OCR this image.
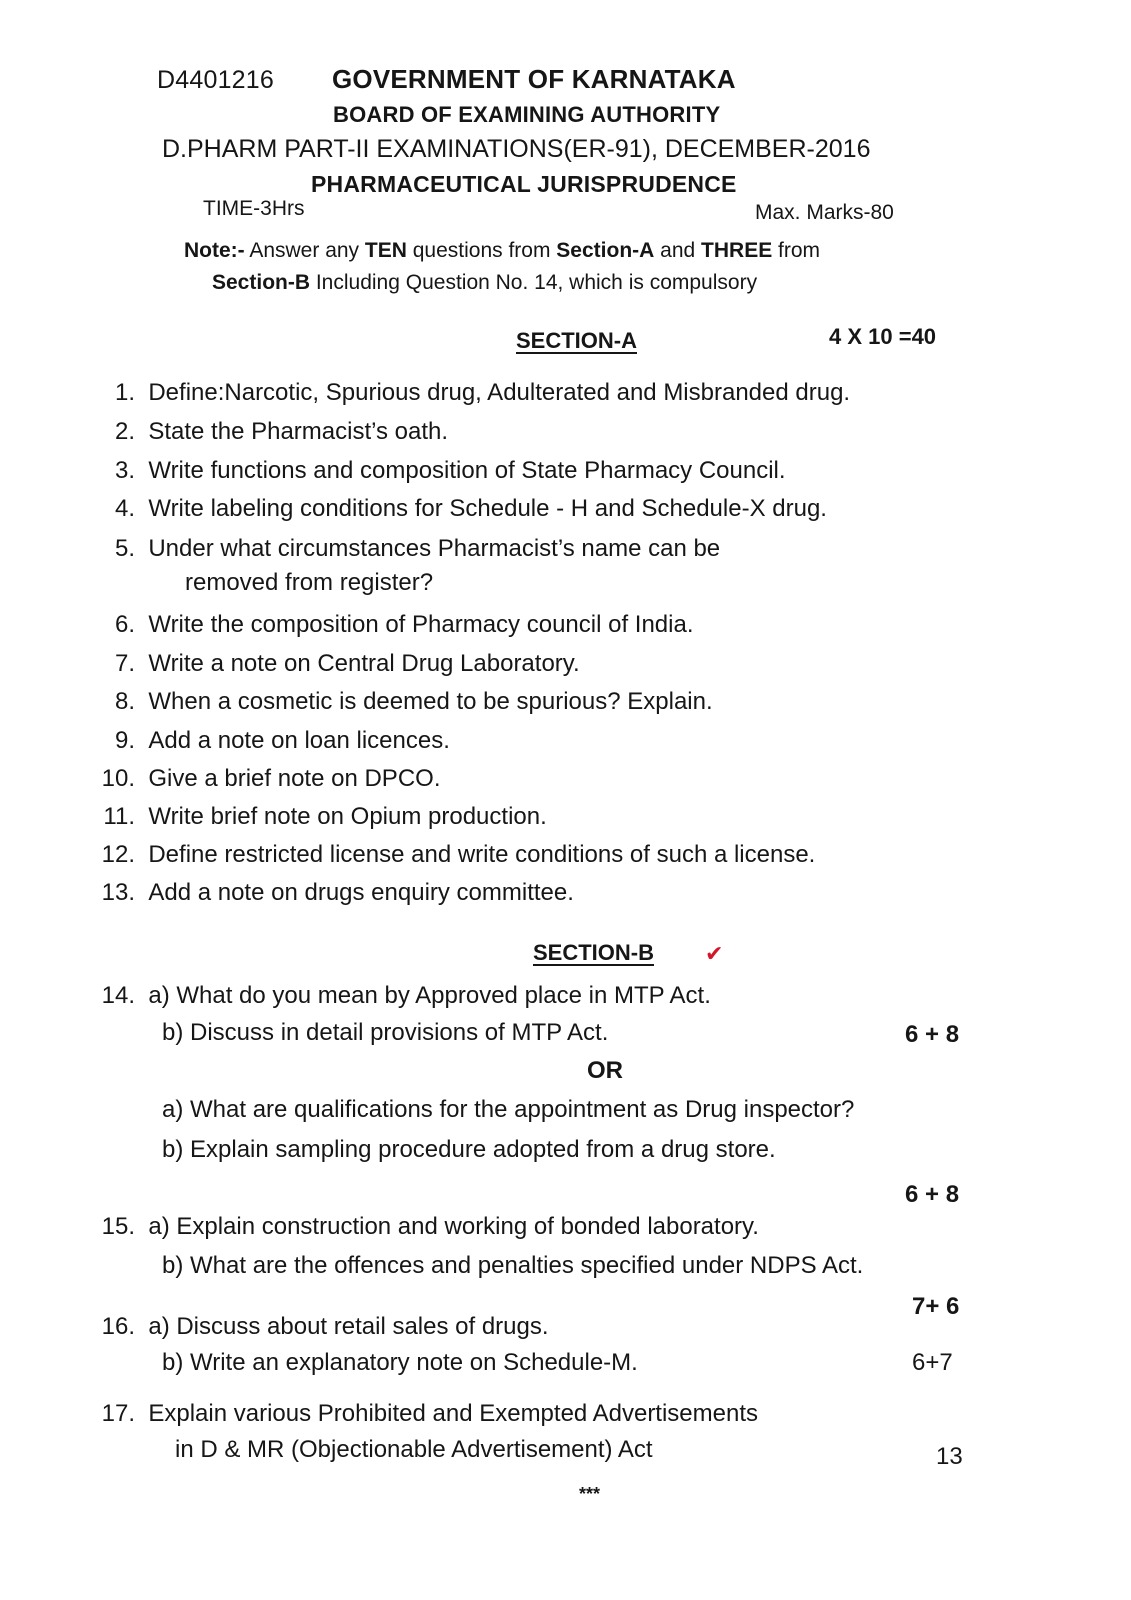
D4401216 GOVERNMENT OF KARNATAKA
BOARD OF EXAMINING AUTHORITY
D.PHARM PART-II EXAMINATIONS(ER-91), DECEMBER-2016
PHARMACEUTICAL JURISPRUDENCE
TIME-3Hrs	Max. Marks-80
Note:- Answer any TEN questions from Section-A and THREE from
Section-B Including Question No. 14, which is compulsory
SECTION-A	4 X 10 =40
1. Define:Narcotic, Spurious drug, Adulterated and Misbranded drug.
2. State the Pharmacist’s oath.
3. Write functions and composition of State Pharmacy Council.
4. Write labeling conditions for Schedule - H and Schedule-X drug.
5. Under what circumstances Pharmacist’s name can be
removed from register?
6. Write the composition of Pharmacy council of India.
7. Write a note on Central Drug Laboratory.
8. When a cosmetic is deemed to be spurious? Explain.
9. Add a note on loan licences.
10. Give a brief note on DPCO.
11. Write brief note on Opium production.
12. Define restricted license and write conditions of such a license.
13. Add a note on drugs enquiry committee.
SECTION-B ✔
14. a) What do you mean by Approved place in MTP Act.
b) Discuss in detail provisions of MTP Act.	6 + 8
OR
a) What are qualifications for the appointment as Drug inspector?
b) Explain sampling procedure adopted from a drug store.
6 + 8
15. a) Explain construction and working of bonded laboratory.
b) What are the offences and penalties specified under NDPS Act.
7+ 6
16. a) Discuss about retail sales of drugs.
b) Write an explanatory note on Schedule-M.	6+7
17. Explain various Prohibited and Exempted Advertisements
in D & MR (Objectionable Advertisement) Act	13
***
